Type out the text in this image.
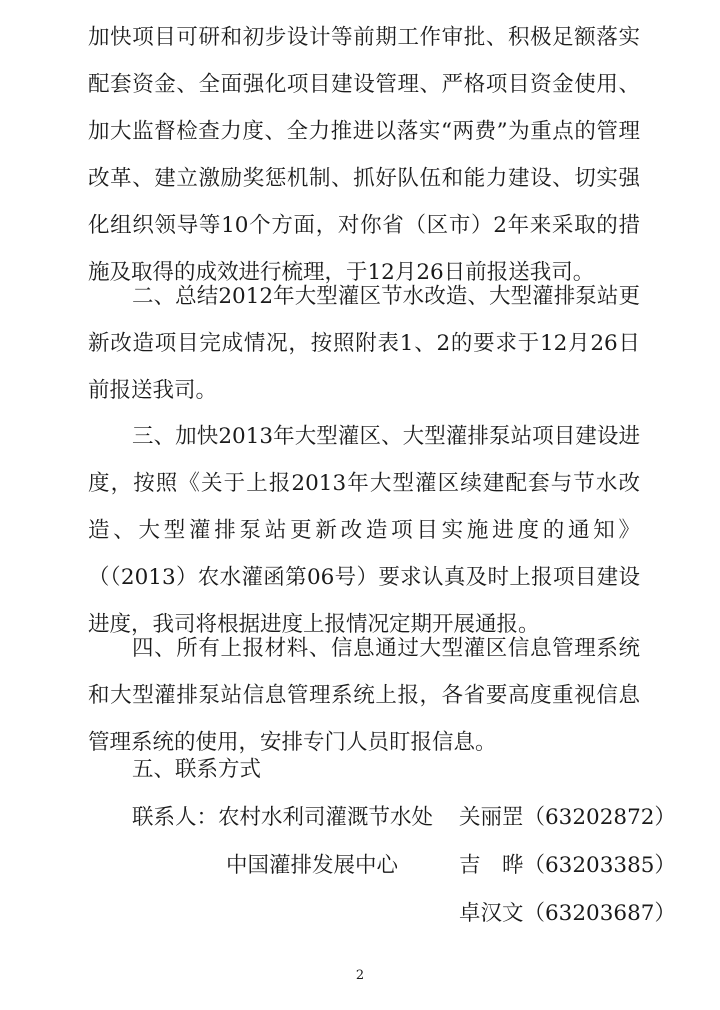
加快项目可研和初步设计等前期工作审批、积极足额落实配套资金、全面强化项目建设管理、严格项目资金使用、加大监督检查力度、全力推进以落实“两费”为重点的管理改革、建立激励奖惩机制、抓好队伍和能力建设、切实强化组织领导等10个方面，对你省（区市）2年来采取的措施及取得的成效进行梳理，于12月26日前报送我司。

二、总结2012年大型灌区节水改造、大型灌排泵站更新改造项目完成情况，按照附表1、2的要求于12月26日前报送我司。

三、加快2013年大型灌区、大型灌排泵站项目建设进度，按照《关于上报2013年大型灌区续建配套与节水改造、大型灌排泵站更新改造项目实施进度的通知》（（2013）农水灌函第06号）要求认真及时上报项目建设进度，我司将根据进度上报情况定期开展通报。

四、所有上报材料、信息通过大型灌区信息管理系统和大型灌排泵站信息管理系统上报，各省要高度重视信息管理系统的使用，安排专门人员盯报信息。

五、联系方式

联系人： 农村水利司灌溉节水处 关丽罡（63202872）

中国灌排发展中心	吉　晔（63203385）

卓汉文（63203687）

2
